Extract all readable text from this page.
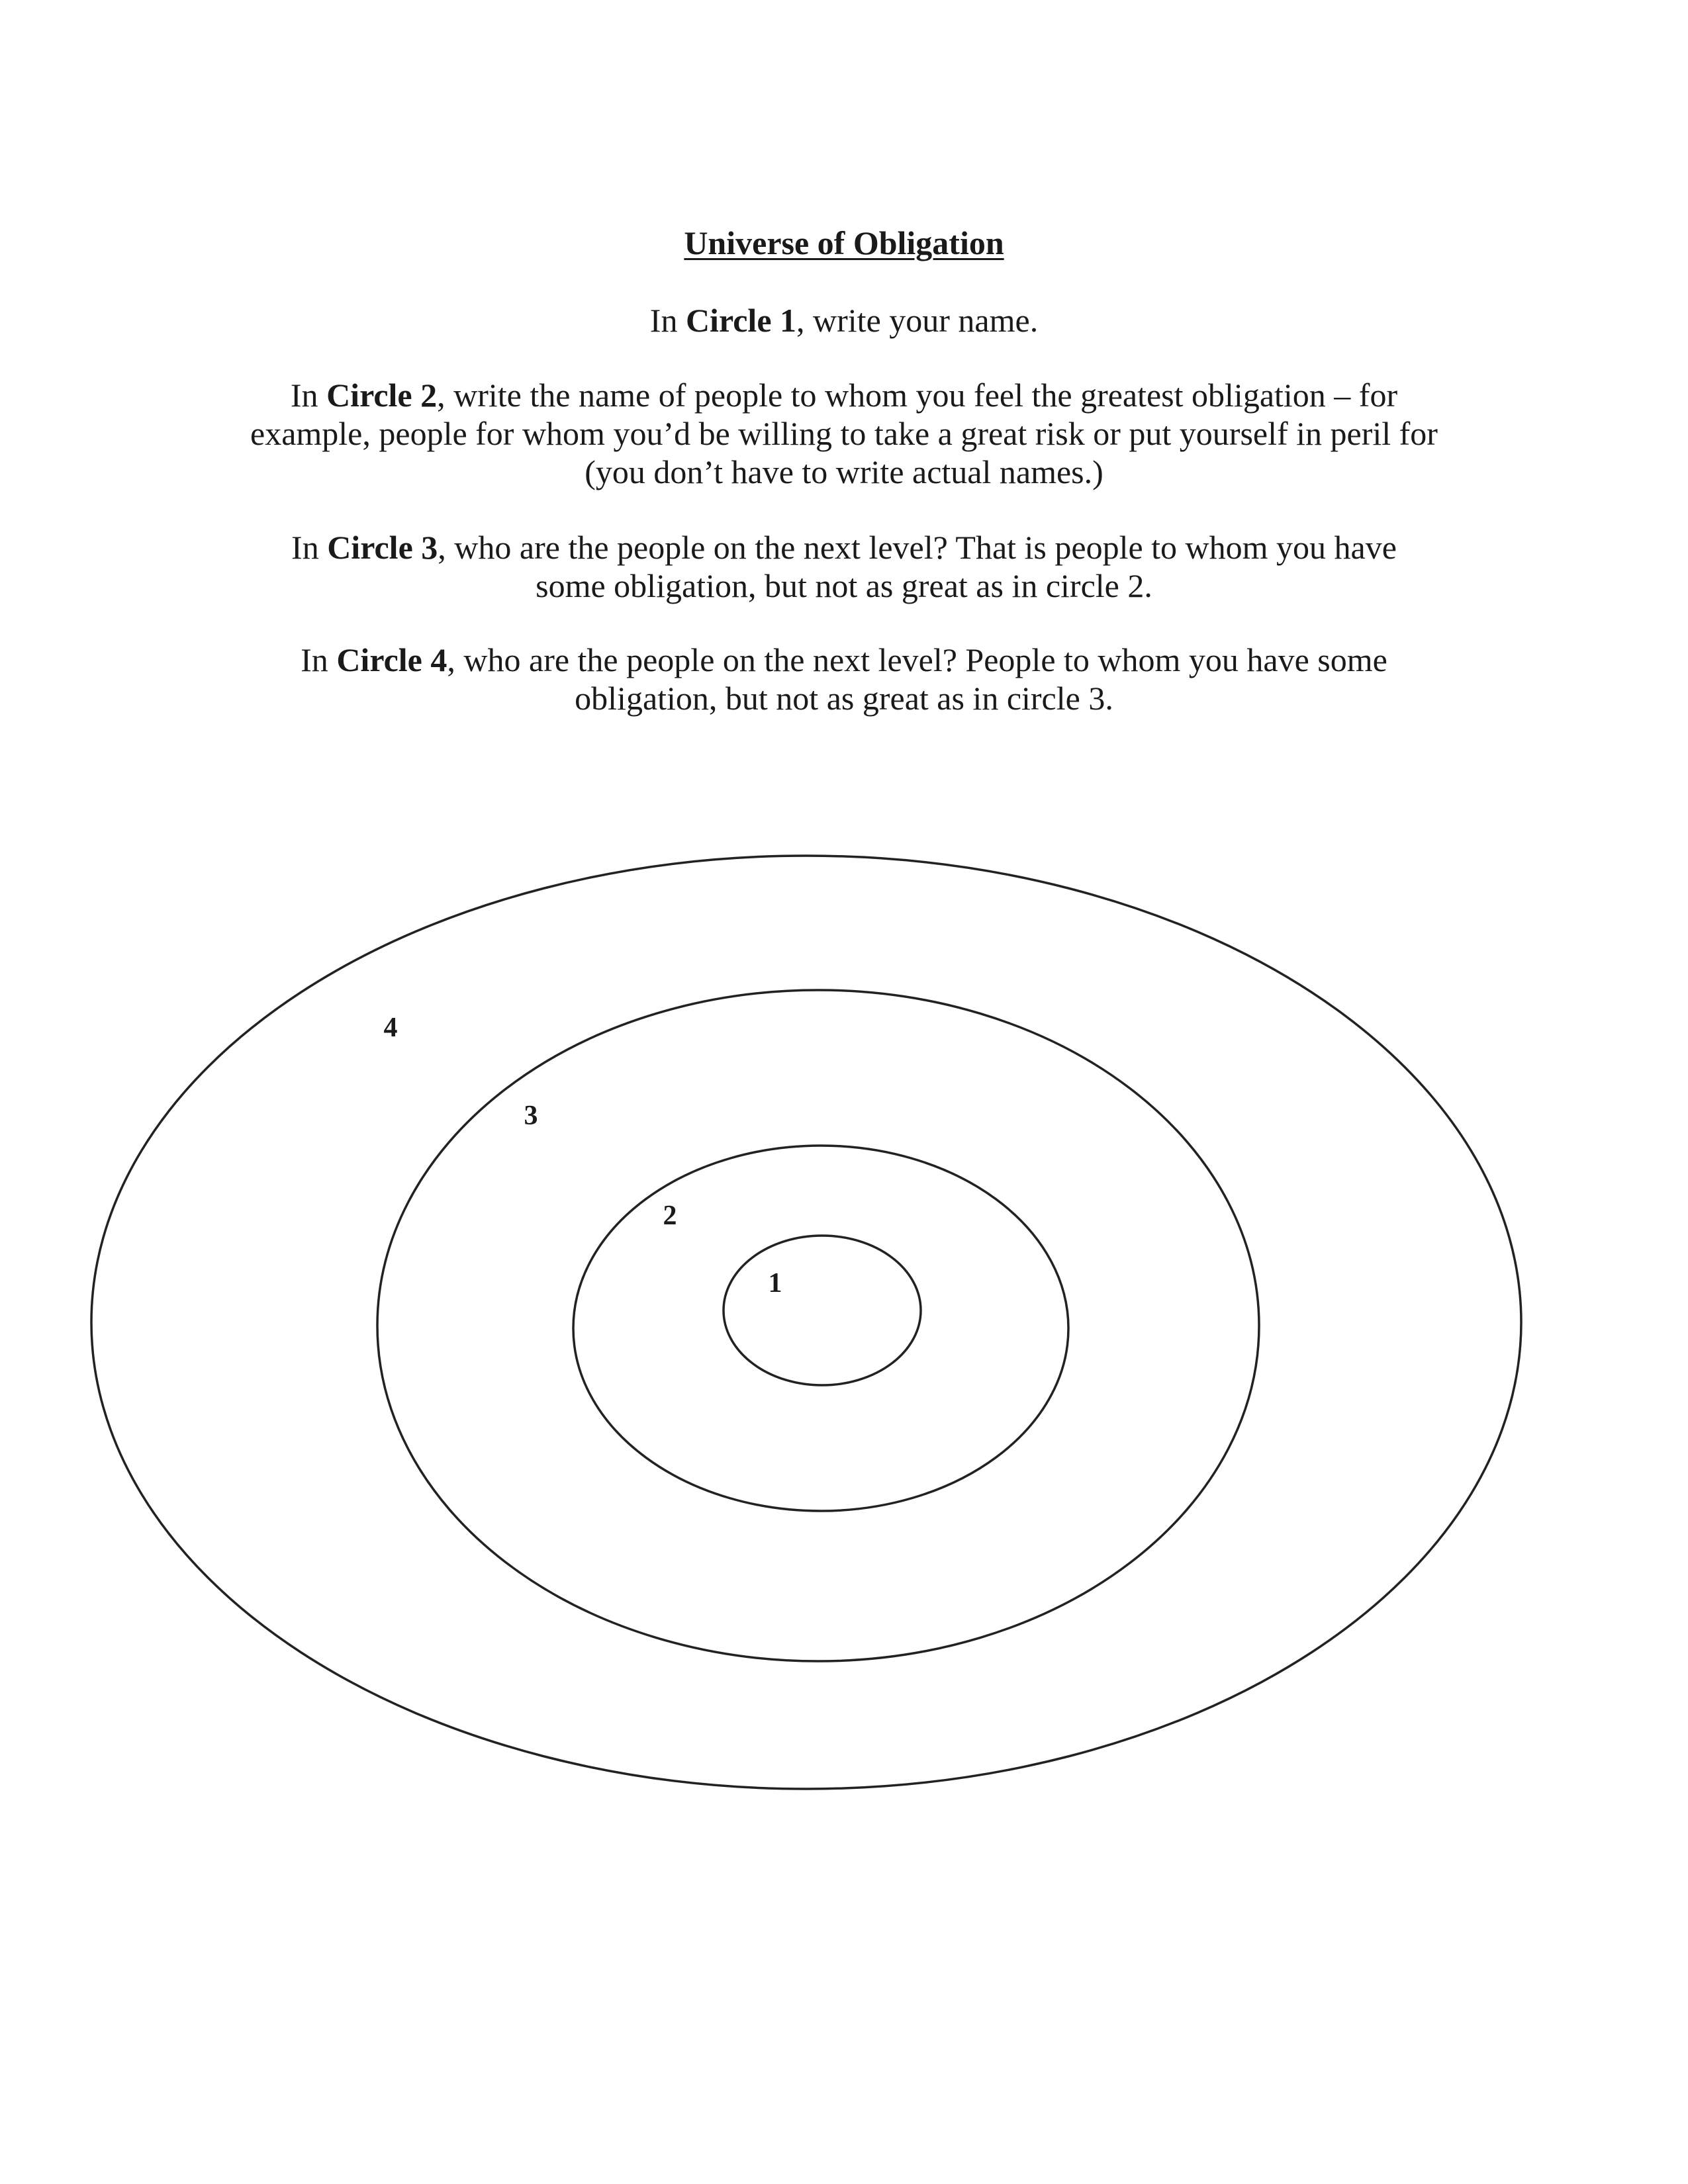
Universe of Obligation

In Circle 1, write your name.

In Circle 2, write the name of people to whom you feel the greatest obligation – for
example, people for whom you’d be willing to take a great risk or put yourself in peril for
(you don’t have to write actual names.)

In Circle 3, who are the people on the next level? That is people to whom you have
some obligation, but not as great as in circle 2.

In Circle 4, who are the people on the next level? People to whom you have some
obligation, but not as great as in circle 3.

1
2
3
4
